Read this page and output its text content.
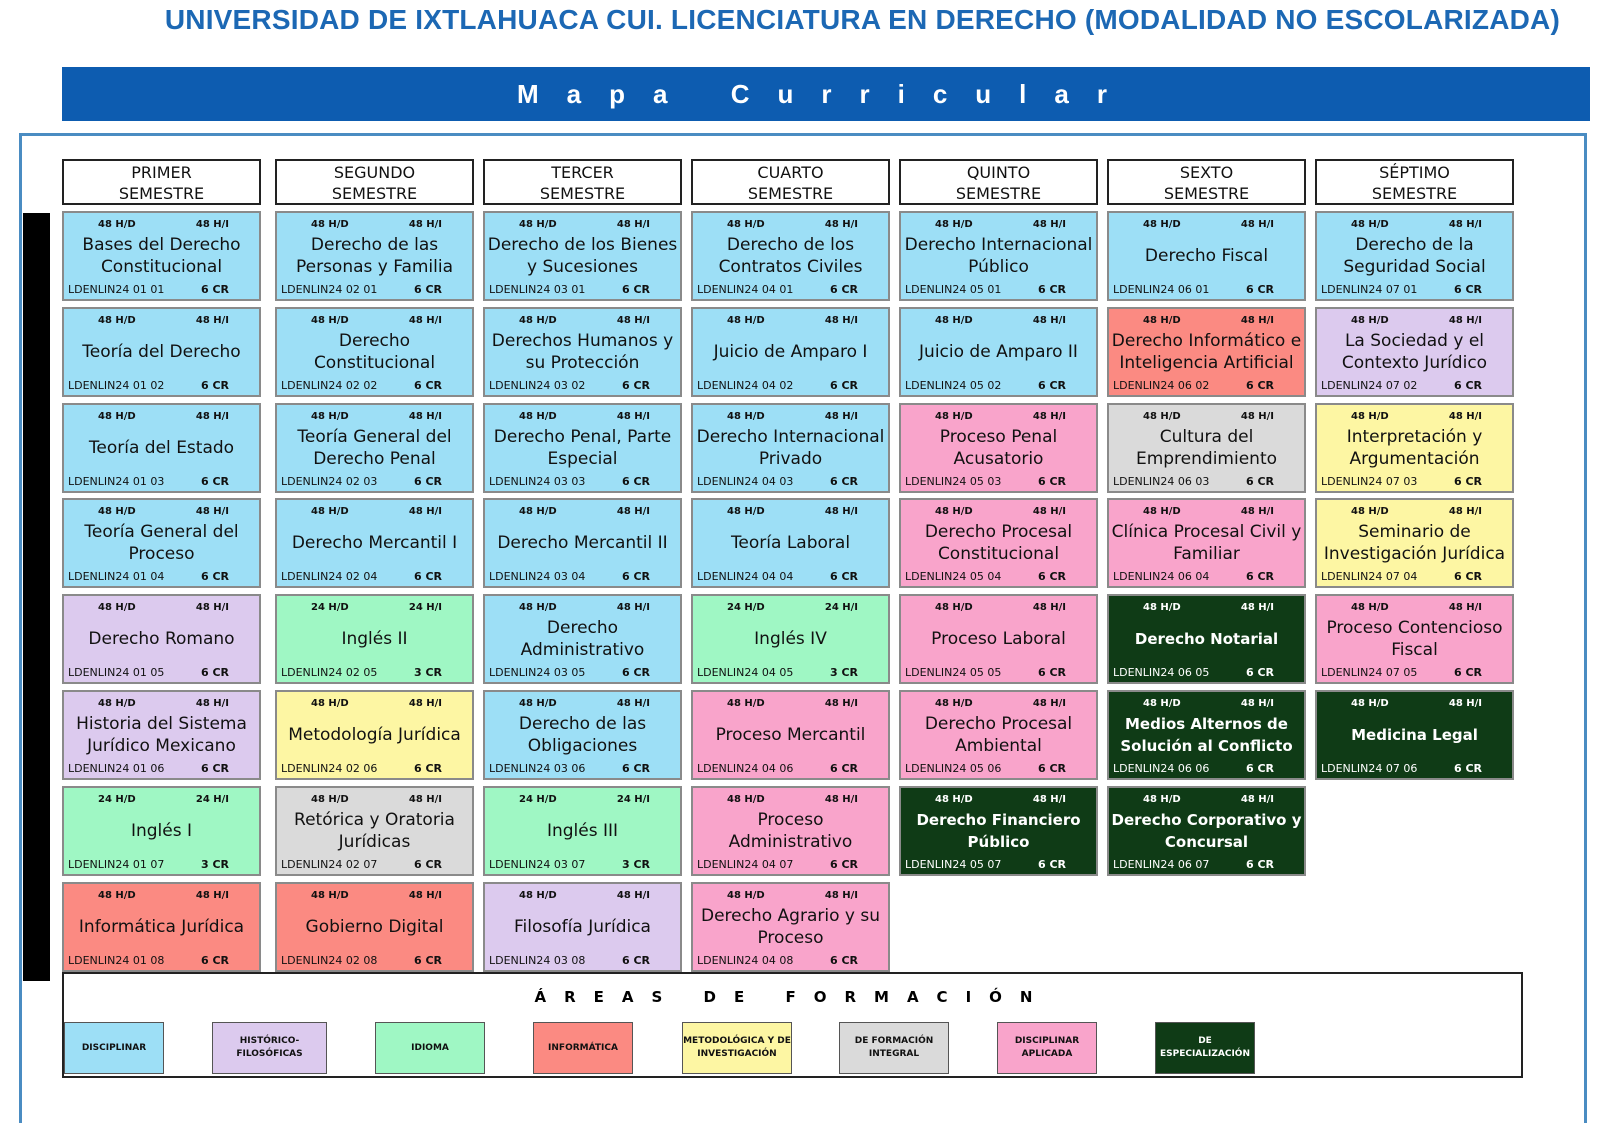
UNIVERSIDAD DE IXTLAHUACA CUI. LICENCIATURA EN DERECHO (MODALIDAD NO ESCOLARIZADA)
Mapa Curricular
ASIGNATURAS OBLIGATORIAS
PRIMER
SEMESTRE
SEGUNDO
SEMESTRE
TERCER
SEMESTRE
CUARTO
SEMESTRE
QUINTO
SEMESTRE
SEXTO
SEMESTRE
SÉPTIMO
SEMESTRE
48 H/D	48 H/I
Bases del Derecho Constitucional
LDENLIN24 01 01	6 CR
48 H/D	48 H/I
Teoría del Derecho
LDENLIN24 01 02	6 CR
48 H/D	48 H/I
Teoría del Estado
LDENLIN24 01 03	6 CR
48 H/D	48 H/I
Teoría General del Proceso
LDENLIN24 01 04	6 CR
48 H/D	48 H/I
Derecho Romano
LDENLIN24 01 05	6 CR
48 H/D	48 H/I
Historia del Sistema Jurídico Mexicano
LDENLIN24 01 06	6 CR
24 H/D	24 H/I
Inglés I
LDENLIN24 01 07	3 CR
48 H/D	48 H/I
Informática Jurídica
LDENLIN24 01 08	6 CR
48 H/D	48 H/I
Derecho de las Personas y Familia
LDENLIN24 02 01	6 CR
48 H/D	48 H/I
Derecho Constitucional
LDENLIN24 02 02	6 CR
48 H/D	48 H/I
Teoría General del Derecho Penal
LDENLIN24 02 03	6 CR
48 H/D	48 H/I
Derecho Mercantil I
LDENLIN24 02 04	6 CR
24 H/D	24 H/I
Inglés II
LDENLIN24 02 05	3 CR
48 H/D	48 H/I
Metodología Jurídica
LDENLIN24 02 06	6 CR
48 H/D	48 H/I
Retórica y Oratoria Jurídicas
LDENLIN24 02 07	6 CR
48 H/D	48 H/I
Gobierno Digital
LDENLIN24 02 08	6 CR
48 H/D	48 H/I
Derecho de los Bienes y Sucesiones
LDENLIN24 03 01	6 CR
48 H/D	48 H/I
Derechos Humanos y su Protección
LDENLIN24 03 02	6 CR
48 H/D	48 H/I
Derecho Penal, Parte Especial
LDENLIN24 03 03	6 CR
48 H/D	48 H/I
Derecho Mercantil II
LDENLIN24 03 04	6 CR
48 H/D	48 H/I
Derecho Administrativo
LDENLIN24 03 05	6 CR
48 H/D	48 H/I
Derecho de las Obligaciones
LDENLIN24 03 06	6 CR
24 H/D	24 H/I
Inglés III
LDENLIN24 03 07	3 CR
48 H/D	48 H/I
Filosofía Jurídica
LDENLIN24 03 08	6 CR
48 H/D	48 H/I
Derecho de los Contratos Civiles
LDENLIN24 04 01	6 CR
48 H/D	48 H/I
Juicio de Amparo I
LDENLIN24 04 02	6 CR
48 H/D	48 H/I
Derecho Internacional Privado
LDENLIN24 04 03	6 CR
48 H/D	48 H/I
Teoría Laboral
LDENLIN24 04 04	6 CR
24 H/D	24 H/I
Inglés IV
LDENLIN24 04 05	3 CR
48 H/D	48 H/I
Proceso Mercantil
LDENLIN24 04 06	6 CR
48 H/D	48 H/I
Proceso Administrativo
LDENLIN24 04 07	6 CR
48 H/D	48 H/I
Derecho Agrario y su Proceso
LDENLIN24 04 08	6 CR
48 H/D	48 H/I
Derecho Internacional Público
LDENLIN24 05 01	6 CR
48 H/D	48 H/I
Juicio de Amparo II
LDENLIN24 05 02	6 CR
48 H/D	48 H/I
Proceso Penal Acusatorio
LDENLIN24 05 03	6 CR
48 H/D	48 H/I
Derecho Procesal Constitucional
LDENLIN24 05 04	6 CR
48 H/D	48 H/I
Proceso Laboral
LDENLIN24 05 05	6 CR
48 H/D	48 H/I
Derecho Procesal Ambiental
LDENLIN24 05 06	6 CR
48 H/D	48 H/I
Derecho Financiero Público
LDENLIN24 05 07	6 CR
48 H/D	48 H/I
Derecho Fiscal
LDENLIN24 06 01	6 CR
48 H/D	48 H/I
Derecho Informático e Inteligencia Artificial
LDENLIN24 06 02	6 CR
48 H/D	48 H/I
Cultura del Emprendimiento
LDENLIN24 06 03	6 CR
48 H/D	48 H/I
Clínica Procesal Civil y Familiar
LDENLIN24 06 04	6 CR
48 H/D	48 H/I
Derecho Notarial
LDENLIN24 06 05	6 CR
48 H/D	48 H/I
Medios Alternos de Solución al Conflicto
LDENLIN24 06 06	6 CR
48 H/D	48 H/I
Derecho Corporativo y Concursal
LDENLIN24 06 07	6 CR
48 H/D	48 H/I
Derecho de la Seguridad Social
LDENLIN24 07 01	6 CR
48 H/D	48 H/I
La Sociedad y el Contexto Jurídico
LDENLIN24 07 02	6 CR
48 H/D	48 H/I
Interpretación y Argumentación
LDENLIN24 07 03	6 CR
48 H/D	48 H/I
Seminario de Investigación Jurídica
LDENLIN24 07 04	6 CR
48 H/D	48 H/I
Proceso Contencioso Fiscal
LDENLIN24 07 05	6 CR
48 H/D	48 H/I
Medicina Legal
LDENLIN24 07 06	6 CR
ÁREAS DE FORMACIÓN
DISCIPLINAR
HISTÓRICO-FILOSÓFICAS
IDIOMA	INFORMÁTICA
METODOLÓGICA Y DE INVESTIGACIÓN
DE FORMACIÓN INTEGRAL
DISCIPLINAR APLICADA
DE ESPECIALIZACIÓN
